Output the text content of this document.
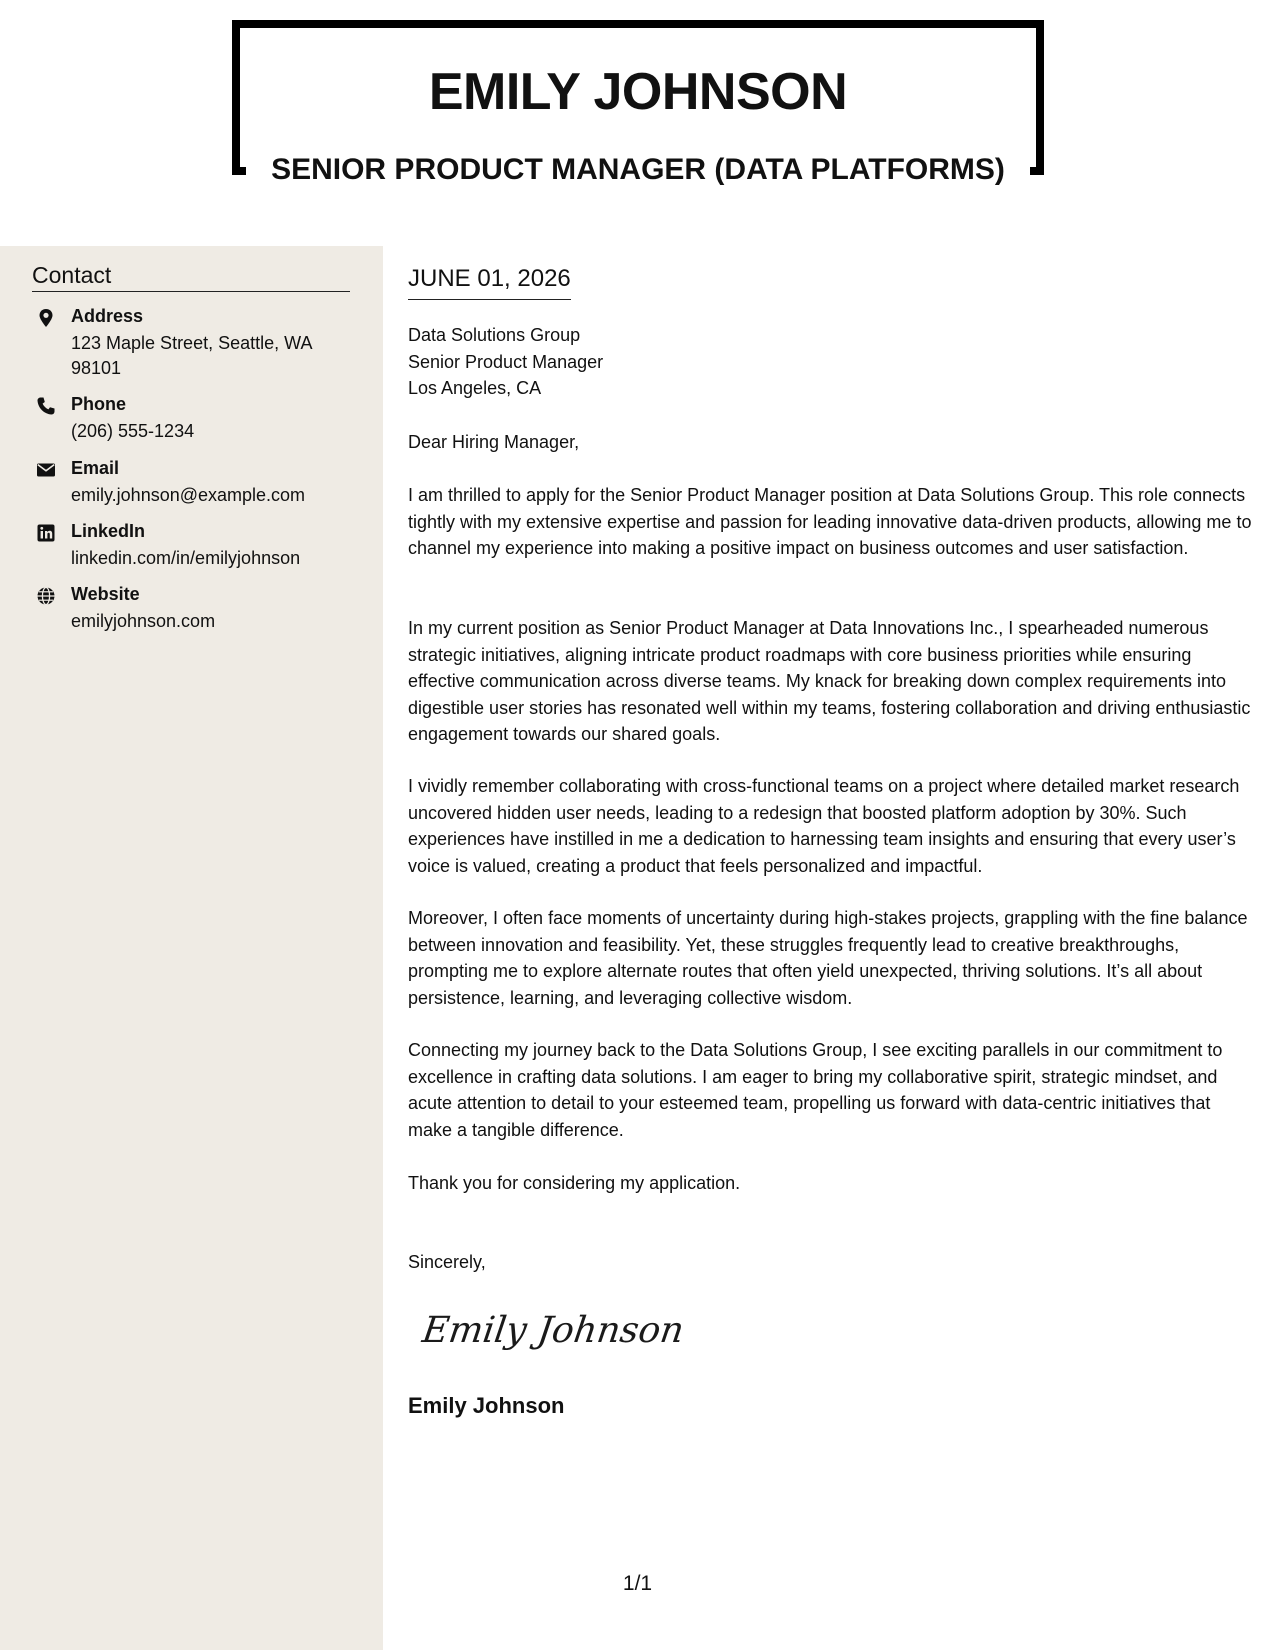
EMILY JOHNSON
SENIOR PRODUCT MANAGER (DATA PLATFORMS)
Contact
Address
123 Maple Street, Seattle, WA 98101
Phone
(206) 555-1234
Email
emily.johnson@example.com
LinkedIn
linkedin.com/in/emilyjohnson
Website
emilyjohnson.com
JUNE 01, 2026
Data Solutions Group
Senior Product Manager
Los Angeles, CA
Dear Hiring Manager,

I am thrilled to apply for the Senior Product Manager position at Data Solutions Group. This role connects tightly with my extensive expertise and passion for leading innovative data-driven products, allowing me to channel my experience into making a positive impact on business outcomes and user satisfaction.

In my current position as Senior Product Manager at Data Innovations Inc., I spearheaded numerous strategic initiatives, aligning intricate product roadmaps with core business priorities while ensuring effective communication across diverse teams. My knack for breaking down complex requirements into digestible user stories has resonated well within my teams, fostering collaboration and driving enthusiastic engagement towards our shared goals.

I vividly remember collaborating with cross-functional teams on a project where detailed market research uncovered hidden user needs, leading to a redesign that boosted platform adoption by 30%. Such experiences have instilled in me a dedication to harnessing team insights and ensuring that every user’s voice is valued, creating a product that feels personalized and impactful.

Moreover, I often face moments of uncertainty during high-stakes projects, grappling with the fine balance between innovation and feasibility. Yet, these struggles frequently lead to creative breakthroughs, prompting me to explore alternate routes that often yield unexpected, thriving solutions. It’s all about persistence, learning, and leveraging collective wisdom.

Connecting my journey back to the Data Solutions Group, I see exciting parallels in our commitment to excellence in crafting data solutions. I am eager to bring my collaborative spirit, strategic mindset, and acute attention to detail to your esteemed team, propelling us forward with data-centric initiatives that make a tangible difference.

Thank you for considering my application.

Sincerely,
Emily Johnson
Emily Johnson
1/1
